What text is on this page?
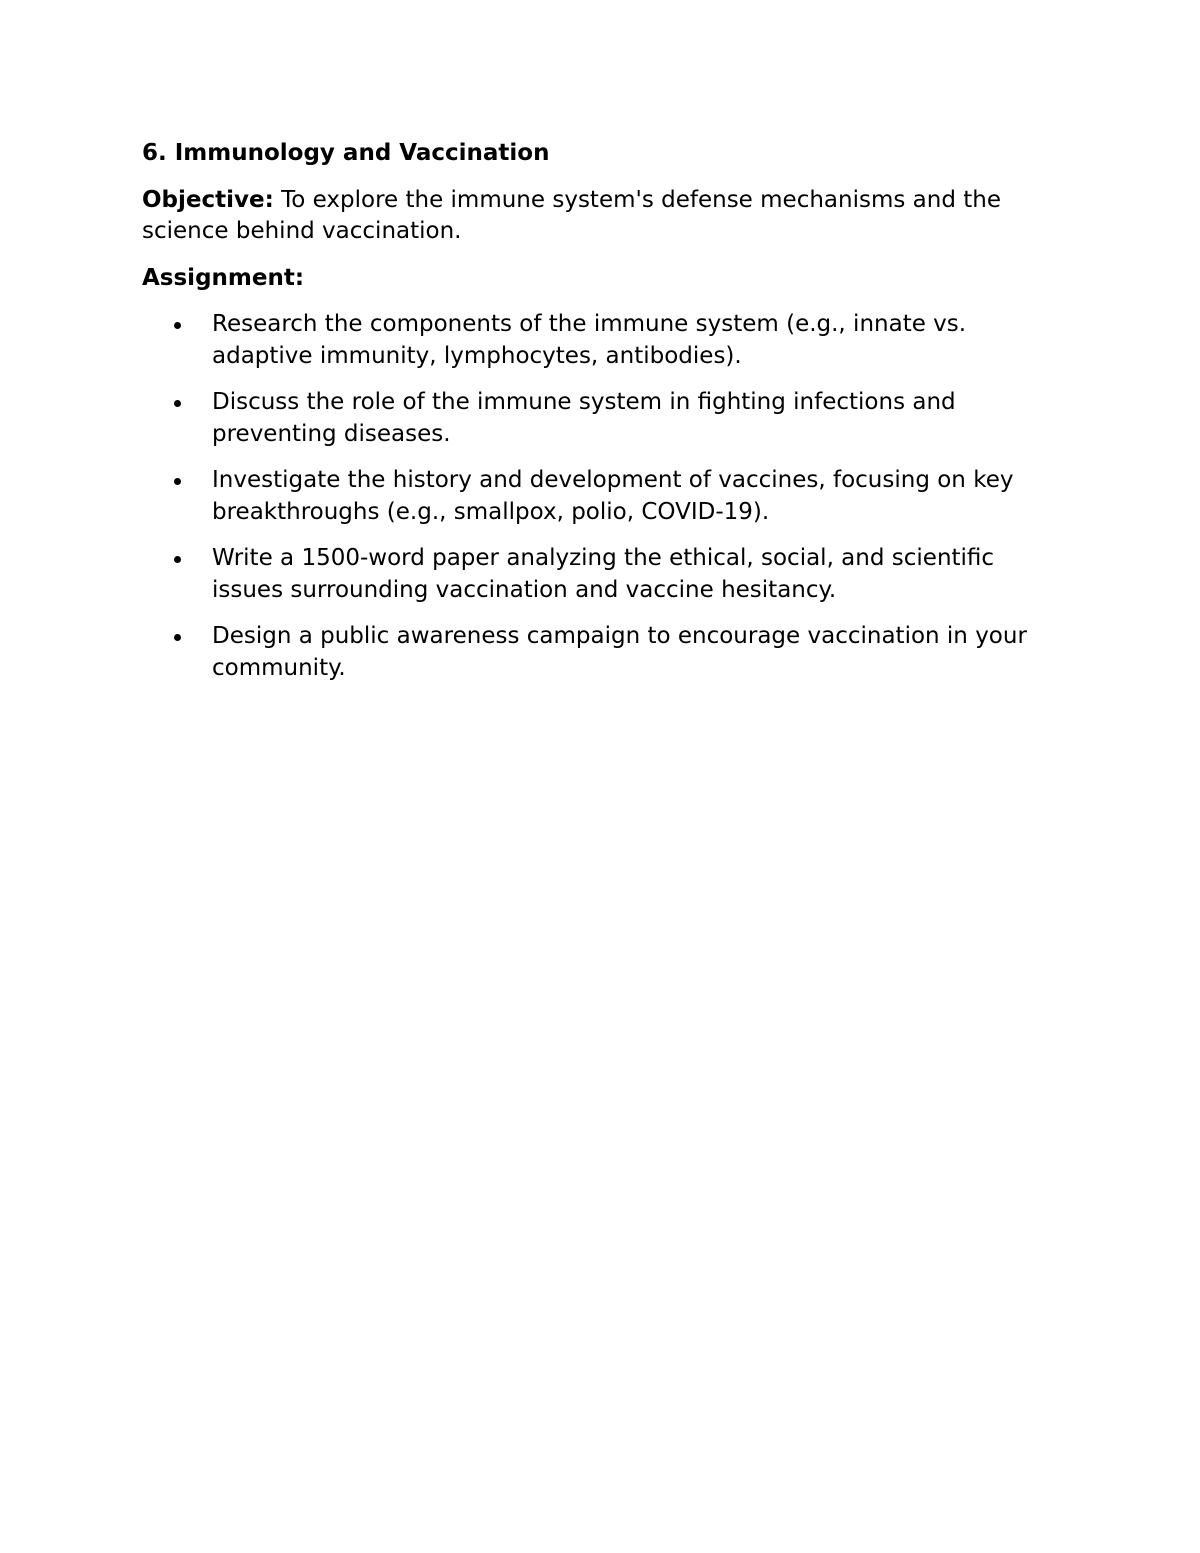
6. Immunology and Vaccination
Objective: To explore the immune system's defense mechanisms and the science behind vaccination.
Assignment:
Research the components of the immune system (e.g., innate vs. adaptive immunity, lymphocytes, antibodies).
Discuss the role of the immune system in fighting infections and preventing diseases.
Investigate the history and development of vaccines, focusing on key breakthroughs (e.g., smallpox, polio, COVID-19).
Write a 1500-word paper analyzing the ethical, social, and scientific issues surrounding vaccination and vaccine hesitancy.
Design a public awareness campaign to encourage vaccination in your community.
